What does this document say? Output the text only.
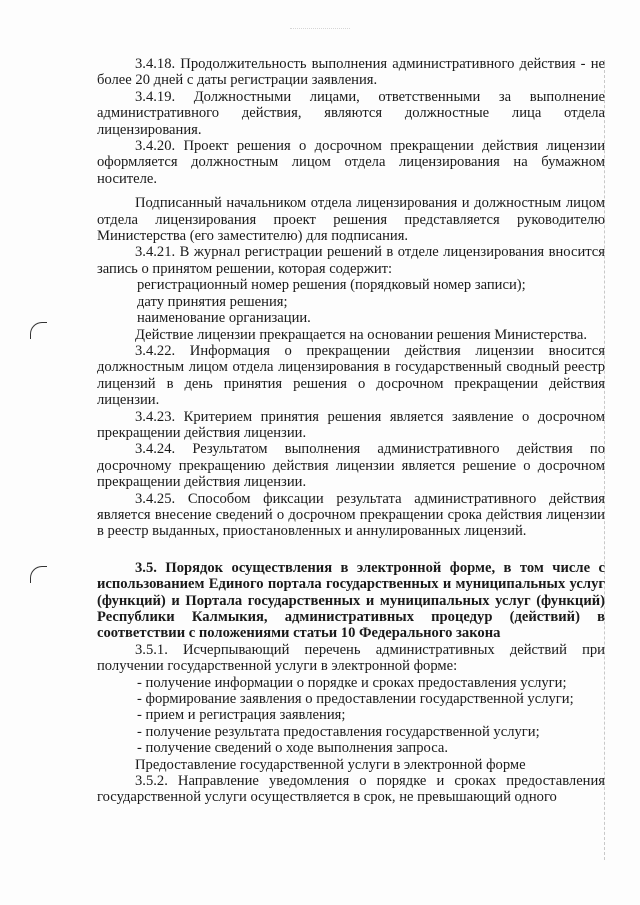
3.4.18. Продолжительность выполнения административного действия - не более 20 дней с даты регистрации заявления.

3.4.19. Должностными лицами, ответственными за выполнение административного действия, являются должностные лица отдела лицензирования.

3.4.20. Проект решения о досрочном прекращении действия лицензии оформляется должностным лицом отдела лицензирования на бумажном носителе.

Подписанный начальником отдела лицензирования и должностным лицом отдела лицензирования проект решения представляется руководителю Министерства (его заместителю) для подписания.

3.4.21. В журнал регистрации решений в отделе лицензирования вносится запись о принятом решении, которая содержит:

регистрационный номер решения (порядковый номер записи);

дату принятия решения;

наименование организации.

Действие лицензии прекращается на основании решения Министерства.

3.4.22. Информация о прекращении действия лицензии вносится должностным лицом отдела лицензирования в государственный сводный реестр лицензий в день принятия решения о досрочном прекращении действия лицензии.

3.4.23. Критерием принятия решения является заявление о досрочном прекращении действия лицензии.

3.4.24. Результатом выполнения административного действия по досрочному прекращению действия лицензии является решение о досрочном прекращении действия лицензии.

3.4.25. Способом фиксации результата административного действия является внесение сведений о досрочном прекращении срока действия лицензии в реестр выданных, приостановленных и аннулированных лицензий.

3.5. Порядок осуществления в электронной форме, в том числе с использованием Единого портала государственных и муниципальных услуг (функций) и Портала государственных и муниципальных услуг (функций) Республики Калмыкия, административных процедур (действий) в соответствии с положениями статьи 10 Федерального закона

3.5.1. Исчерпывающий перечень административных действий при получении государственной услуги в электронной форме:

- получение информации о порядке и сроках предоставления услуги;

- формирование заявления о предоставлении государственной услуги;

- прием и регистрация заявления;

- получение результата предоставления государственной услуги;

- получение сведений о ходе выполнения запроса.

Предоставление государственной услуги в электронной форме

3.5.2. Направление уведомления о порядке и сроках предоставления государственной услуги осуществляется в срок, не превышающий одного
